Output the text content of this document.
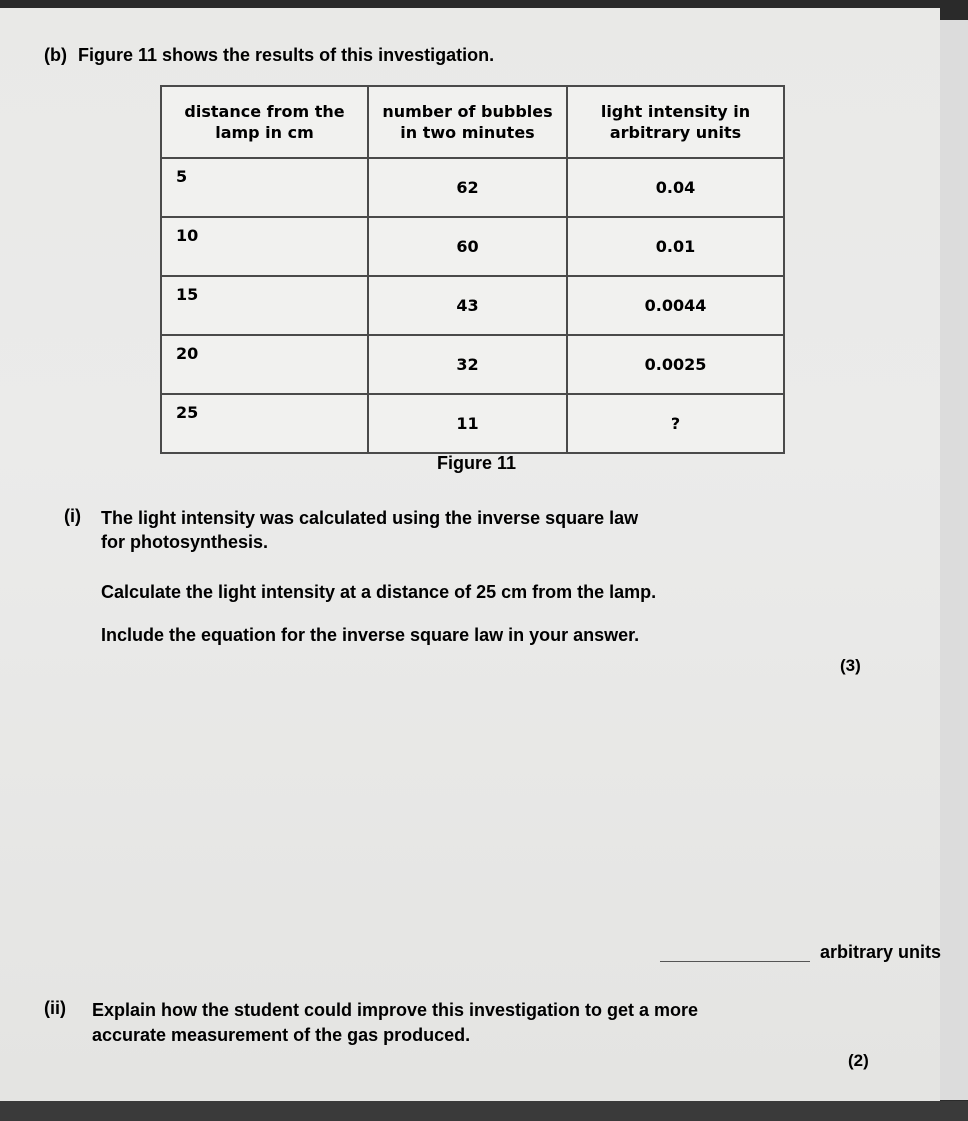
(b) Figure 11 shows the results of this investigation.
distance from the lamp in cm	number of bubbles in two minutes	light intensity in arbitrary units
5	62	0.04
10	60	0.01
15	43	0.0044
20	32	0.0025
25	11	?
Figure 11
(i) The light intensity was calculated using the inverse square law
for photosynthesis.
Calculate the light intensity at a distance of 25 cm from the lamp.
Include the equation for the inverse square law in your answer.
(3)
arbitrary units
(ii) Explain how the student could improve this investigation to get a more
accurate measurement of the gas produced.
(2)
